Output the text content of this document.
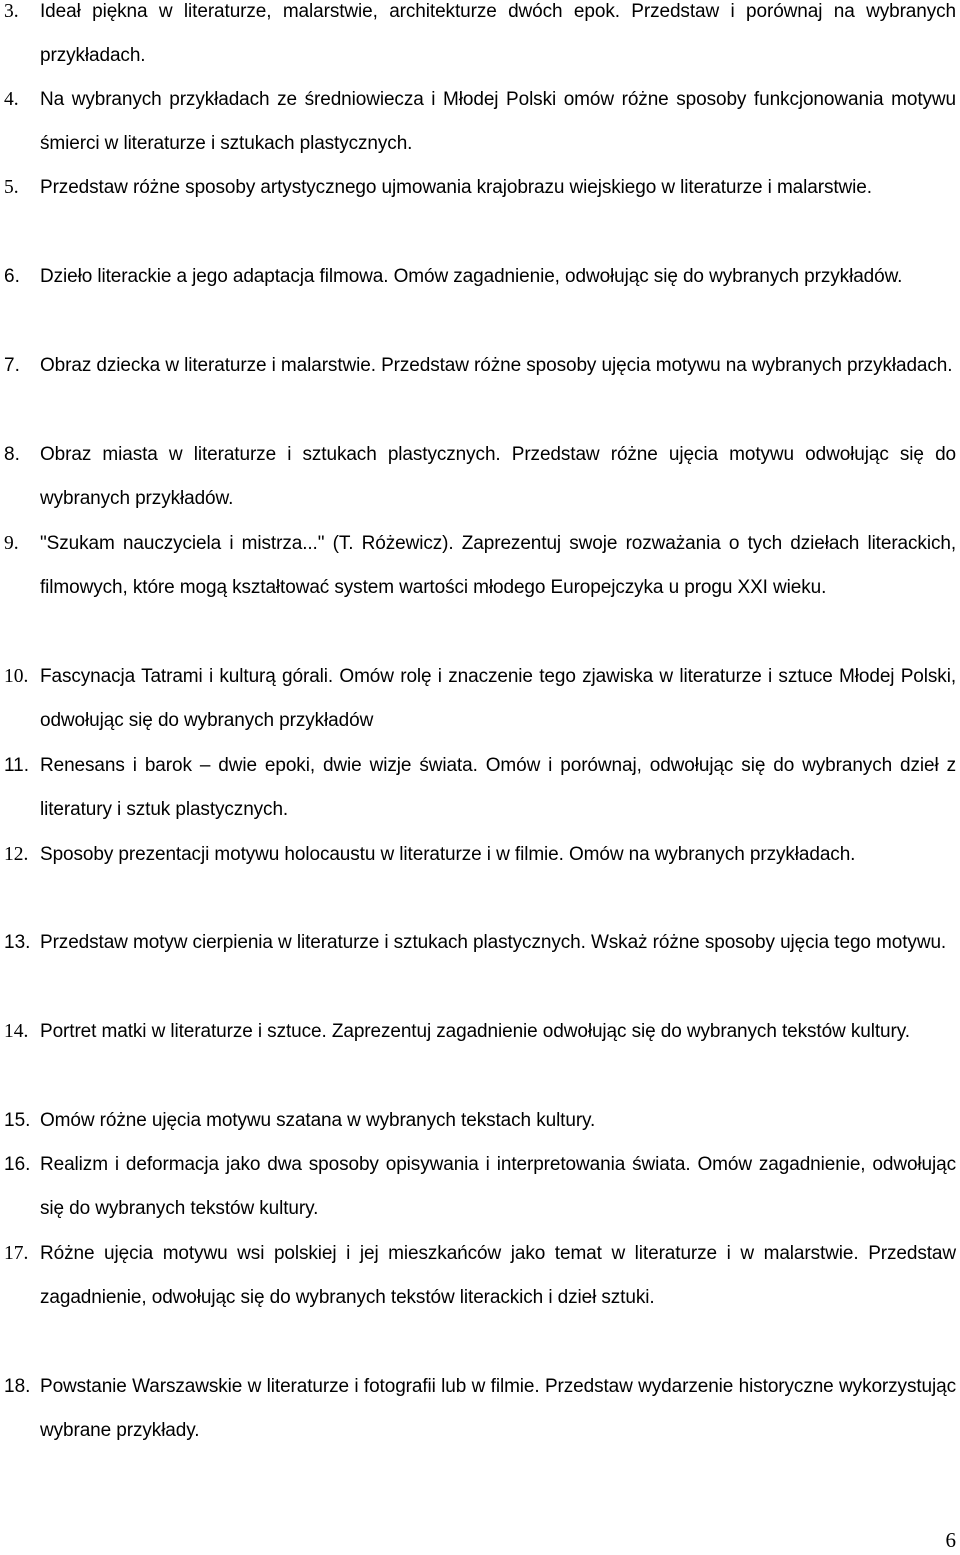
3. Ideał piękna w literaturze, malarstwie, architekturze dwóch epok. Przedstaw i porównaj na wybranych przykładach.
4. Na wybranych przykładach ze średniowiecza i Młodej Polski omów różne sposoby funkcjonowania motywu śmierci w literaturze i sztukach plastycznych.
5. Przedstaw różne sposoby artystycznego ujmowania krajobrazu wiejskiego w literaturze i malarstwie.
6. Dzieło literackie a jego adaptacja filmowa. Omów zagadnienie, odwołując się do wybranych przykładów.
7. Obraz dziecka w literaturze i malarstwie. Przedstaw różne sposoby ujęcia motywu na wybranych przykładach.
8. Obraz miasta w literaturze i sztukach plastycznych. Przedstaw różne ujęcia motywu odwołując się do wybranych przykładów.
9. "Szukam nauczyciela i mistrza..." (T. Różewicz). Zaprezentuj swoje rozważania o tych dziełach literackich, filmowych, które mogą kształtować system wartości młodego Europejczyka u progu XXI wieku.
10. Fascynacja Tatrami i kulturą górali. Omów rolę i znaczenie tego zjawiska w literaturze i sztuce Młodej Polski, odwołując się do wybranych przykładów
11. Renesans i barok – dwie epoki, dwie wizje świata. Omów i porównaj, odwołując się do wybranych dzieł z literatury i sztuk plastycznych.
12. Sposoby prezentacji motywu holocaustu w literaturze i w filmie. Omów na wybranych przykładach.
13. Przedstaw motyw cierpienia w literaturze i sztukach plastycznych. Wskaż różne sposoby ujęcia tego motywu.
14. Portret matki w literaturze i sztuce. Zaprezentuj zagadnienie odwołując się do wybranych tekstów kultury.
15. Omów różne ujęcia motywu szatana w wybranych tekstach kultury.
16. Realizm i deformacja jako dwa sposoby opisywania i interpretowania świata. Omów zagadnienie, odwołując się do wybranych tekstów kultury.
17. Różne ujęcia motywu wsi polskiej i jej mieszkańców jako temat w literaturze i w malarstwie. Przedstaw zagadnienie, odwołując się do wybranych tekstów literackich i dzieł sztuki.
18. Powstanie Warszawskie w literaturze i fotografii lub w filmie. Przedstaw wydarzenie historyczne wykorzystując wybrane przykłady.
6
